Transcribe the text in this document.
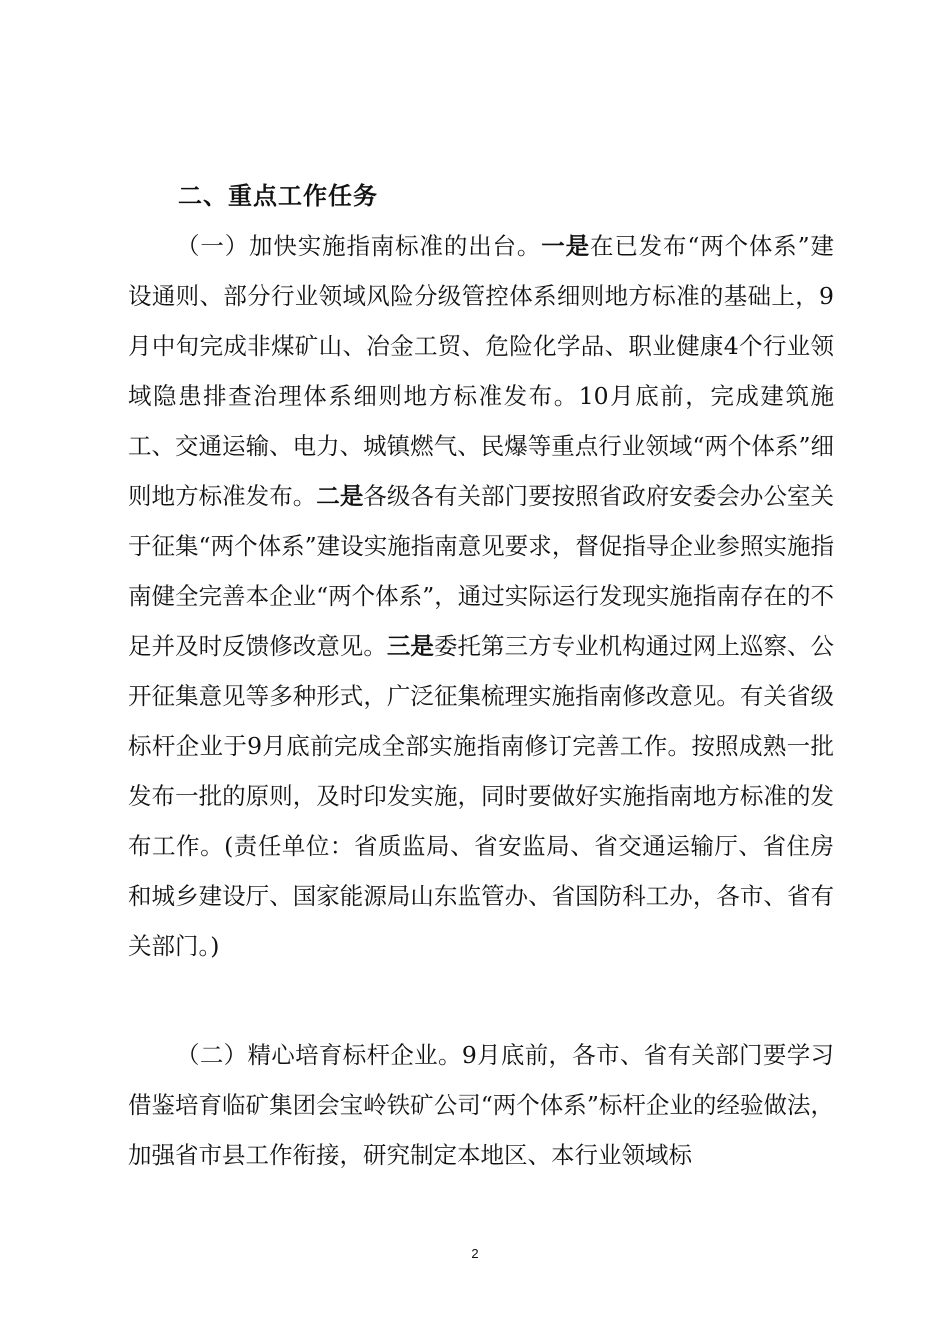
二、重点工作任务

（一）加快实施指南标准的出台。一是在已发布“两个体系”建设通则、部分行业领域风险分级管控体系细则地方标准的基础上，9月中旬完成非煤矿山、冶金工贸、危险化学品、职业健康4个行业领域隐患排查治理体系细则地方标准发布。10月底前，完成建筑施工、交通运输、电力、城镇燃气、民爆等重点行业领域“两个体系”细则地方标准发布。二是各级各有关部门要按照省政府安委会办公室关于征集“两个体系”建设实施指南意见要求，督促指导企业参照实施指南健全完善本企业“两个体系”，通过实际运行发现实施指南存在的不足并及时反馈修改意见。三是委托第三方专业机构通过网上巡察、公开征集意见等多种形式，广泛征集梳理实施指南修改意见。有关省级标杆企业于9月底前完成全部实施指南修订完善工作。按照成熟一批发布一批的原则，及时印发实施，同时要做好实施指南地方标准的发布工作。(责任单位：省质监局、省安监局、省交通运输厅、省住房和城乡建设厅、国家能源局山东监管办、省国防科工办，各市、省有关部门。)

（二）精心培育标杆企业。9月底前，各市、省有关部门要学习借鉴培育临矿集团会宝岭铁矿公司“两个体系”标杆企业的经验做法，加强省市县工作衔接，研究制定本地区、本行业领域标

2
